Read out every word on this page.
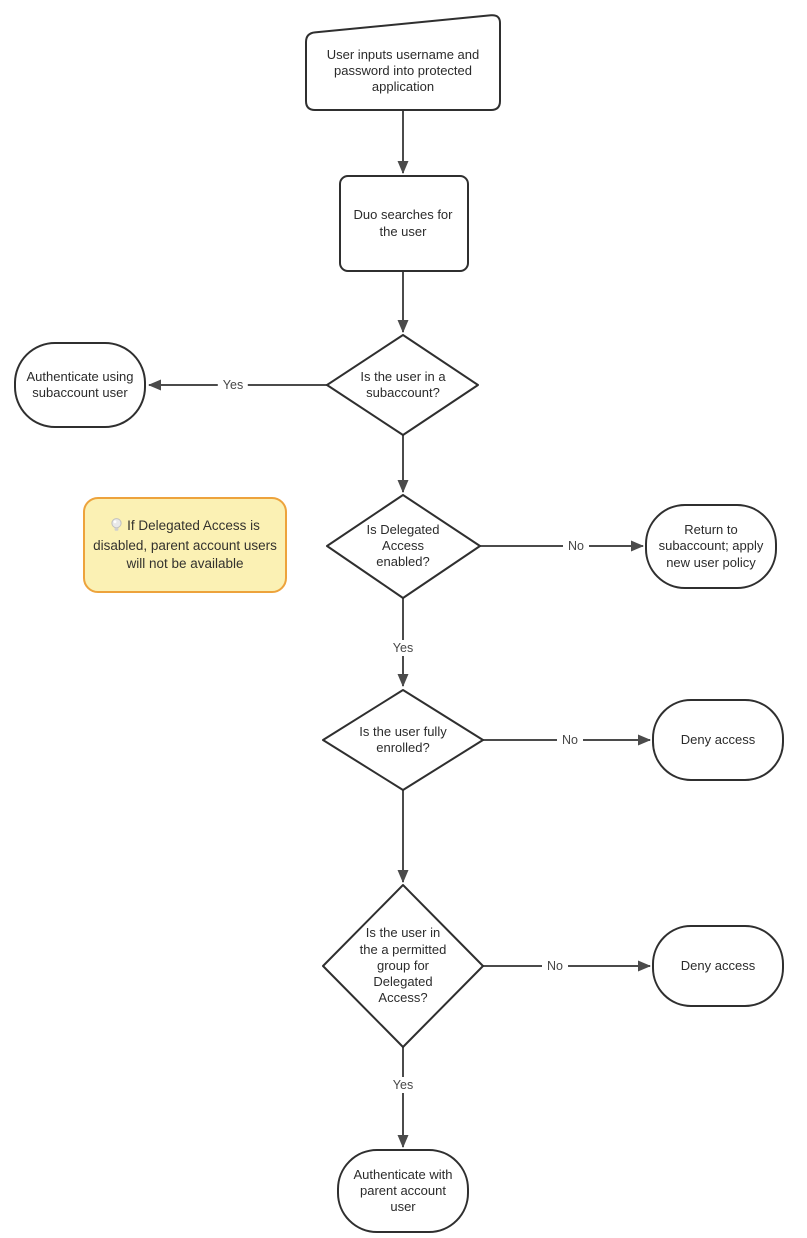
User inputs username and password into protected application
Duo searches for the user
Is the user in a subaccount?
Authenticate using subaccount user
Is Delegated Access enabled?
Return to subaccount; apply new user policy
If Delegated Access is disabled, parent account users will not be available
Is the user fully enrolled?
Deny access
Is the user in the a permitted group for Delegated Access?
Deny access
Authenticate with parent account user
Yes
No
Yes
No
No
Yes
